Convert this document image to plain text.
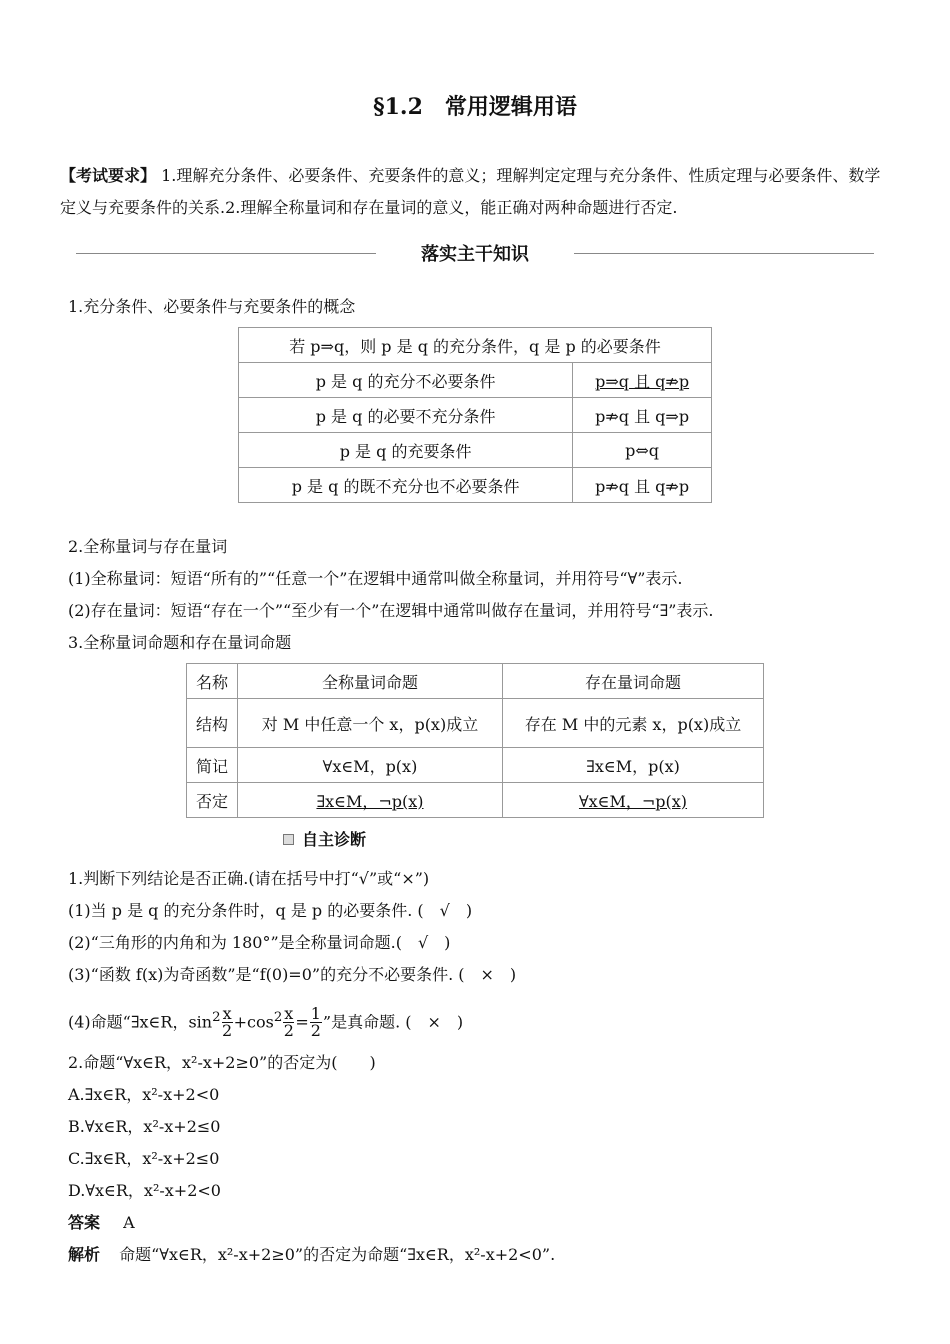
§1.2　常用逻辑用语
【考试要求】 1.理解充分条件、必要条件、充要条件的意义；理解判定定理与充分条件、性质定理与必要条件、数学定义与充要条件的关系.2.理解全称量词和存在量词的意义，能正确对两种命题进行否定.
落实主干知识
1.充分条件、必要条件与充要条件的概念
若 p⇒q，则 p 是 q 的充分条件，q 是 p 的必要条件	
p 是 q 的充分不必要条件	p⇒q 且 q⇏p
p 是 q 的必要不充分条件	p⇏q 且 q⇒p
p 是 q 的充要条件	p⇔q
p 是 q 的既不充分也不必要条件	p⇏q 且 q⇏p
2.全称量词与存在量词
(1)全称量词：短语“所有的”“任意一个”在逻辑中通常叫做全称量词，并用符号“∀”表示.
(2)存在量词：短语“存在一个”“至少有一个”在逻辑中通常叫做存在量词，并用符号“∃”表示.
3.全称量词命题和存在量词命题
名称	全称量词命题	存在量词命题
结构	对 M 中任意一个 x，p(x)成立	存在 M 中的元素 x，p(x)成立
简记	∀x∈M，p(x)	∃x∈M，p(x)
否定	∃x∈M，¬p(x)	∀x∈M，¬p(x)
自主诊断
1.判断下列结论是否正确.(请在括号中打“√”或“×”)
(1)当 p 是 q 的充分条件时，q 是 p 的必要条件. (　√　)
(2)“三角形的内角和为 180°”是全称量词命题.(　√　)
(3)“函数 f(x)为奇函数”是“f(0)=0”的充分不必要条件. (　×　)
(4)命题“∃x∈R，$\sin^2 \frac{x}{2} +\cos^2 \frac{x}{2} = \frac{1}{2}$ ”是真命题. (　×　)
2.命题“∀x∈R，x²-x+2≥0”的否定为(　　)
A.∃x∈R，x²-x+2<0
B.∀x∈R，x²-x+2≤0
C.∃x∈R，x²-x+2≤0
D.∀x∈R，x²-x+2<0
答案 A
解析 命题“∀x∈R，x²-x+2≥0”的否定为命题“∃x∈R，x²-x+2<0”.
